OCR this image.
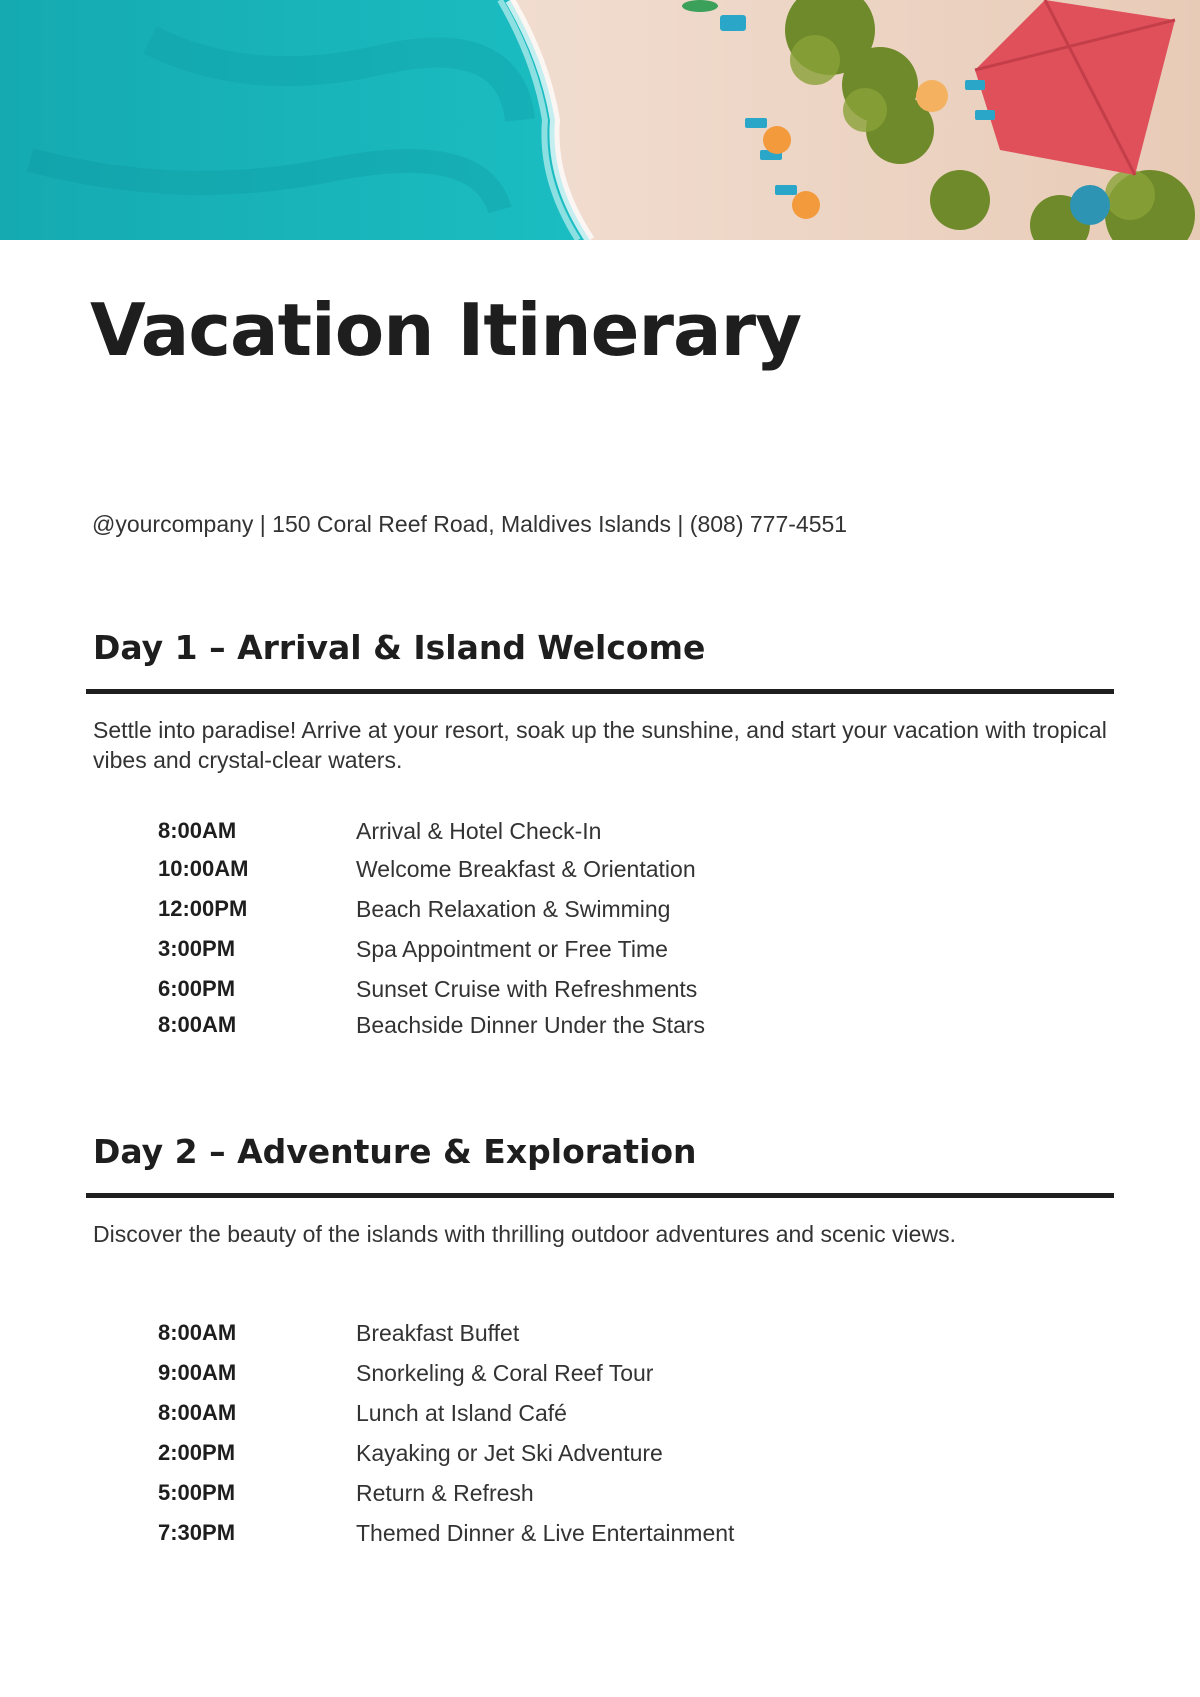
Vacation Itinerary
@yourcompany | 150 Coral Reef Road, Maldives Islands | (808) 777-4551
Day 1 – Arrival & Island Welcome
Settle into paradise! Arrive at your resort, soak up the sunshine, and start your vacation with tropical vibes and crystal-clear waters.
8:00AM	Arrival & Hotel Check-In
10:00AM	Welcome Breakfast & Orientation
12:00PM	Beach Relaxation & Swimming
3:00PM	Spa Appointment or Free Time
6:00PM	Sunset Cruise with Refreshments
8:00AM	Beachside Dinner Under the Stars
Day 2 – Adventure & Exploration
Discover the beauty of the islands with thrilling outdoor adventures and scenic views.
8:00AM	Breakfast Buffet
9:00AM	Snorkeling & Coral Reef Tour
8:00AM	Lunch at Island Café
2:00PM	Kayaking or Jet Ski Adventure
5:00PM	Return & Refresh
7:30PM	Themed Dinner & Live Entertainment
